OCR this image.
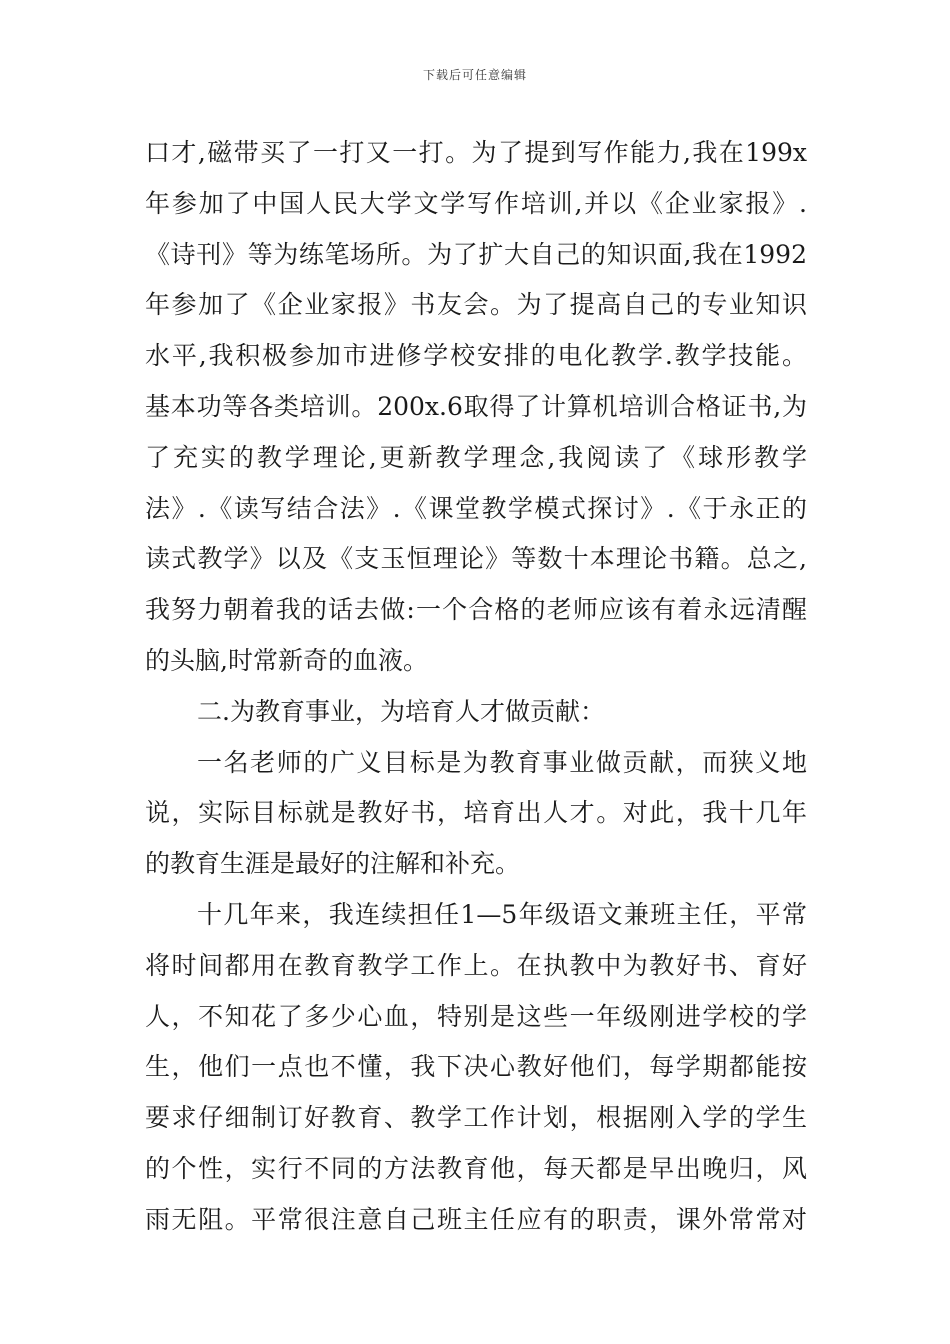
下载后可任意编辑
口才,磁带买了一打又一打。为了提到写作能力,我在199x
年参加了中国人民大学文学写作培训,并以《企业家报》.
《诗刊》等为练笔场所。为了扩大自己的知识面,我在1992
年参加了《企业家报》书友会。为了提高自己的专业知识
水平,我积极参加市进修学校安排的电化教学.教学技能。
基本功等各类培训。200x.6取得了计算机培训合格证书,为
了充实的教学理论,更新教学理念,我阅读了《球形教学
法》.《读写结合法》.《课堂教学模式探讨》.《于永正的
读式教学》以及《支玉恒理论》等数十本理论书籍。总之,
我努力朝着我的话去做:一个合格的老师应该有着永远清醒
的头脑,时常新奇的血液。
二.为教育事业，为培育人才做贡献：
一名老师的广义目标是为教育事业做贡献，而狭义地
说，实际目标就是教好书，培育出人才。对此，我十几年
的教育生涯是最好的注解和补充。
十几年来，我连续担任1—5年级语文兼班主任，平常
将时间都用在教育教学工作上。在执教中为教好书、育好
人，不知花了多少心血，特别是这些一年级刚进学校的学
生，他们一点也不懂，我下决心教好他们，每学期都能按
要求仔细制订好教育、教学工作计划，根据刚入学的学生
的个性，实行不同的方法教育他，每天都是早出晚归，风
雨无阻。平常很注意自己班主任应有的职责，课外常常对
